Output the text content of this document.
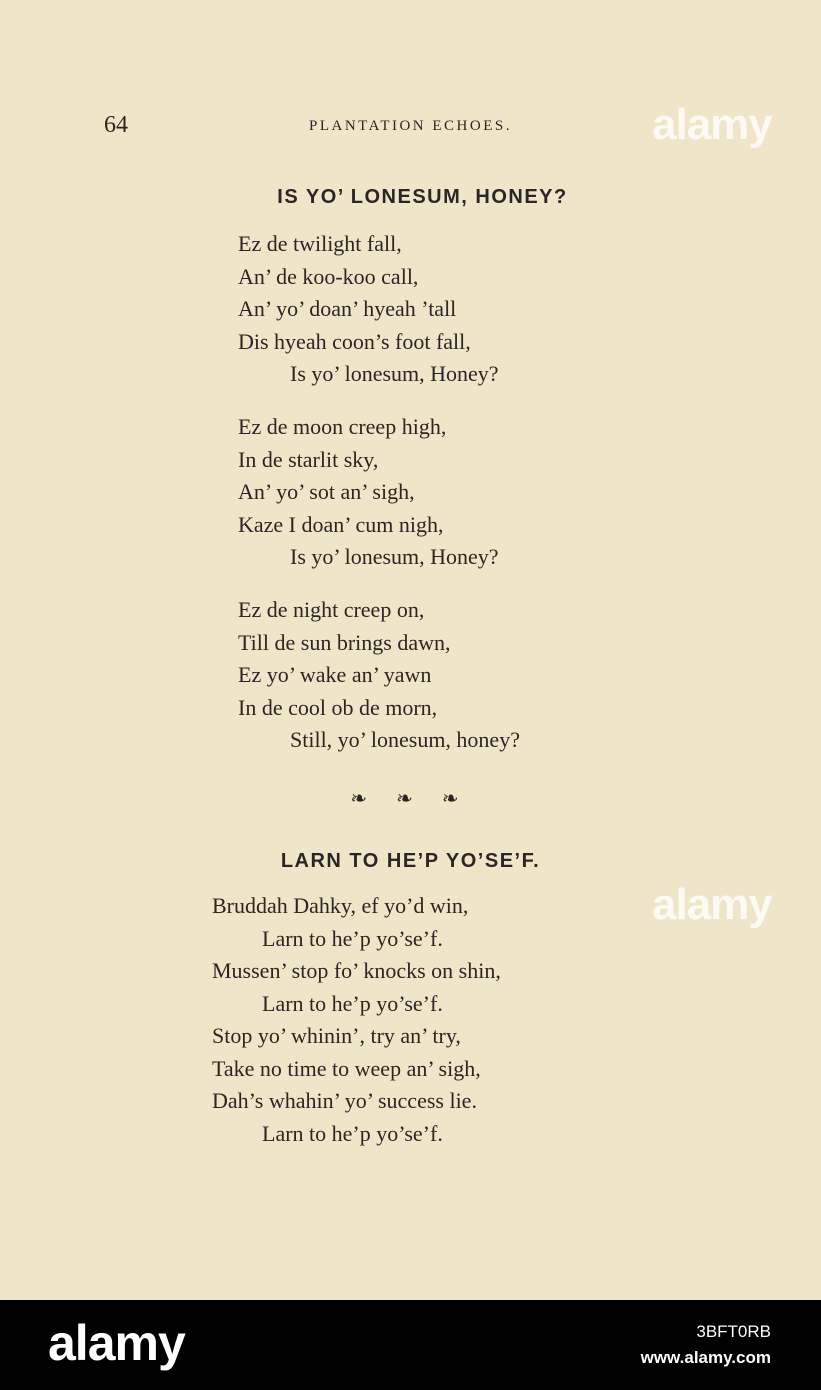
64	PLANTATION ECHOES.
IS YO’ LONESUM, HONEY?
Ez de twilight fall,
An’ de koo-koo call,
An’ yo’ doan’ hyeah ’tall
Dis hyeah coon’s foot fall,
Is yo’ lonesum, Honey?
Ez de moon creep high,
In de starlit sky,
An’ yo’ sot an’ sigh,
Kaze I doan’ cum nigh,
Is yo’ lonesum, Honey?
Ez de night creep on,
Till de sun brings dawn,
Ez yo’ wake an’ yawn
In de cool ob de morn,
Still, yo’ lonesum, honey?
❧ ❧ ❧
LARN TO HE’P YO’SE’F.
Bruddah Dahky, ef yo’d win,
Larn to he’p yo’se’f.
Mussen’ stop fo’ knocks on shin,
Larn to he’p yo’se’f.
Stop yo’ whinin’, try an’ try,
Take no time to weep an’ sigh,
Dah’s whahin’ yo’ success lie.
Larn to he’p yo’se’f.
alamy
alamy
alamy	3BFT0RB
www.alamy.com
